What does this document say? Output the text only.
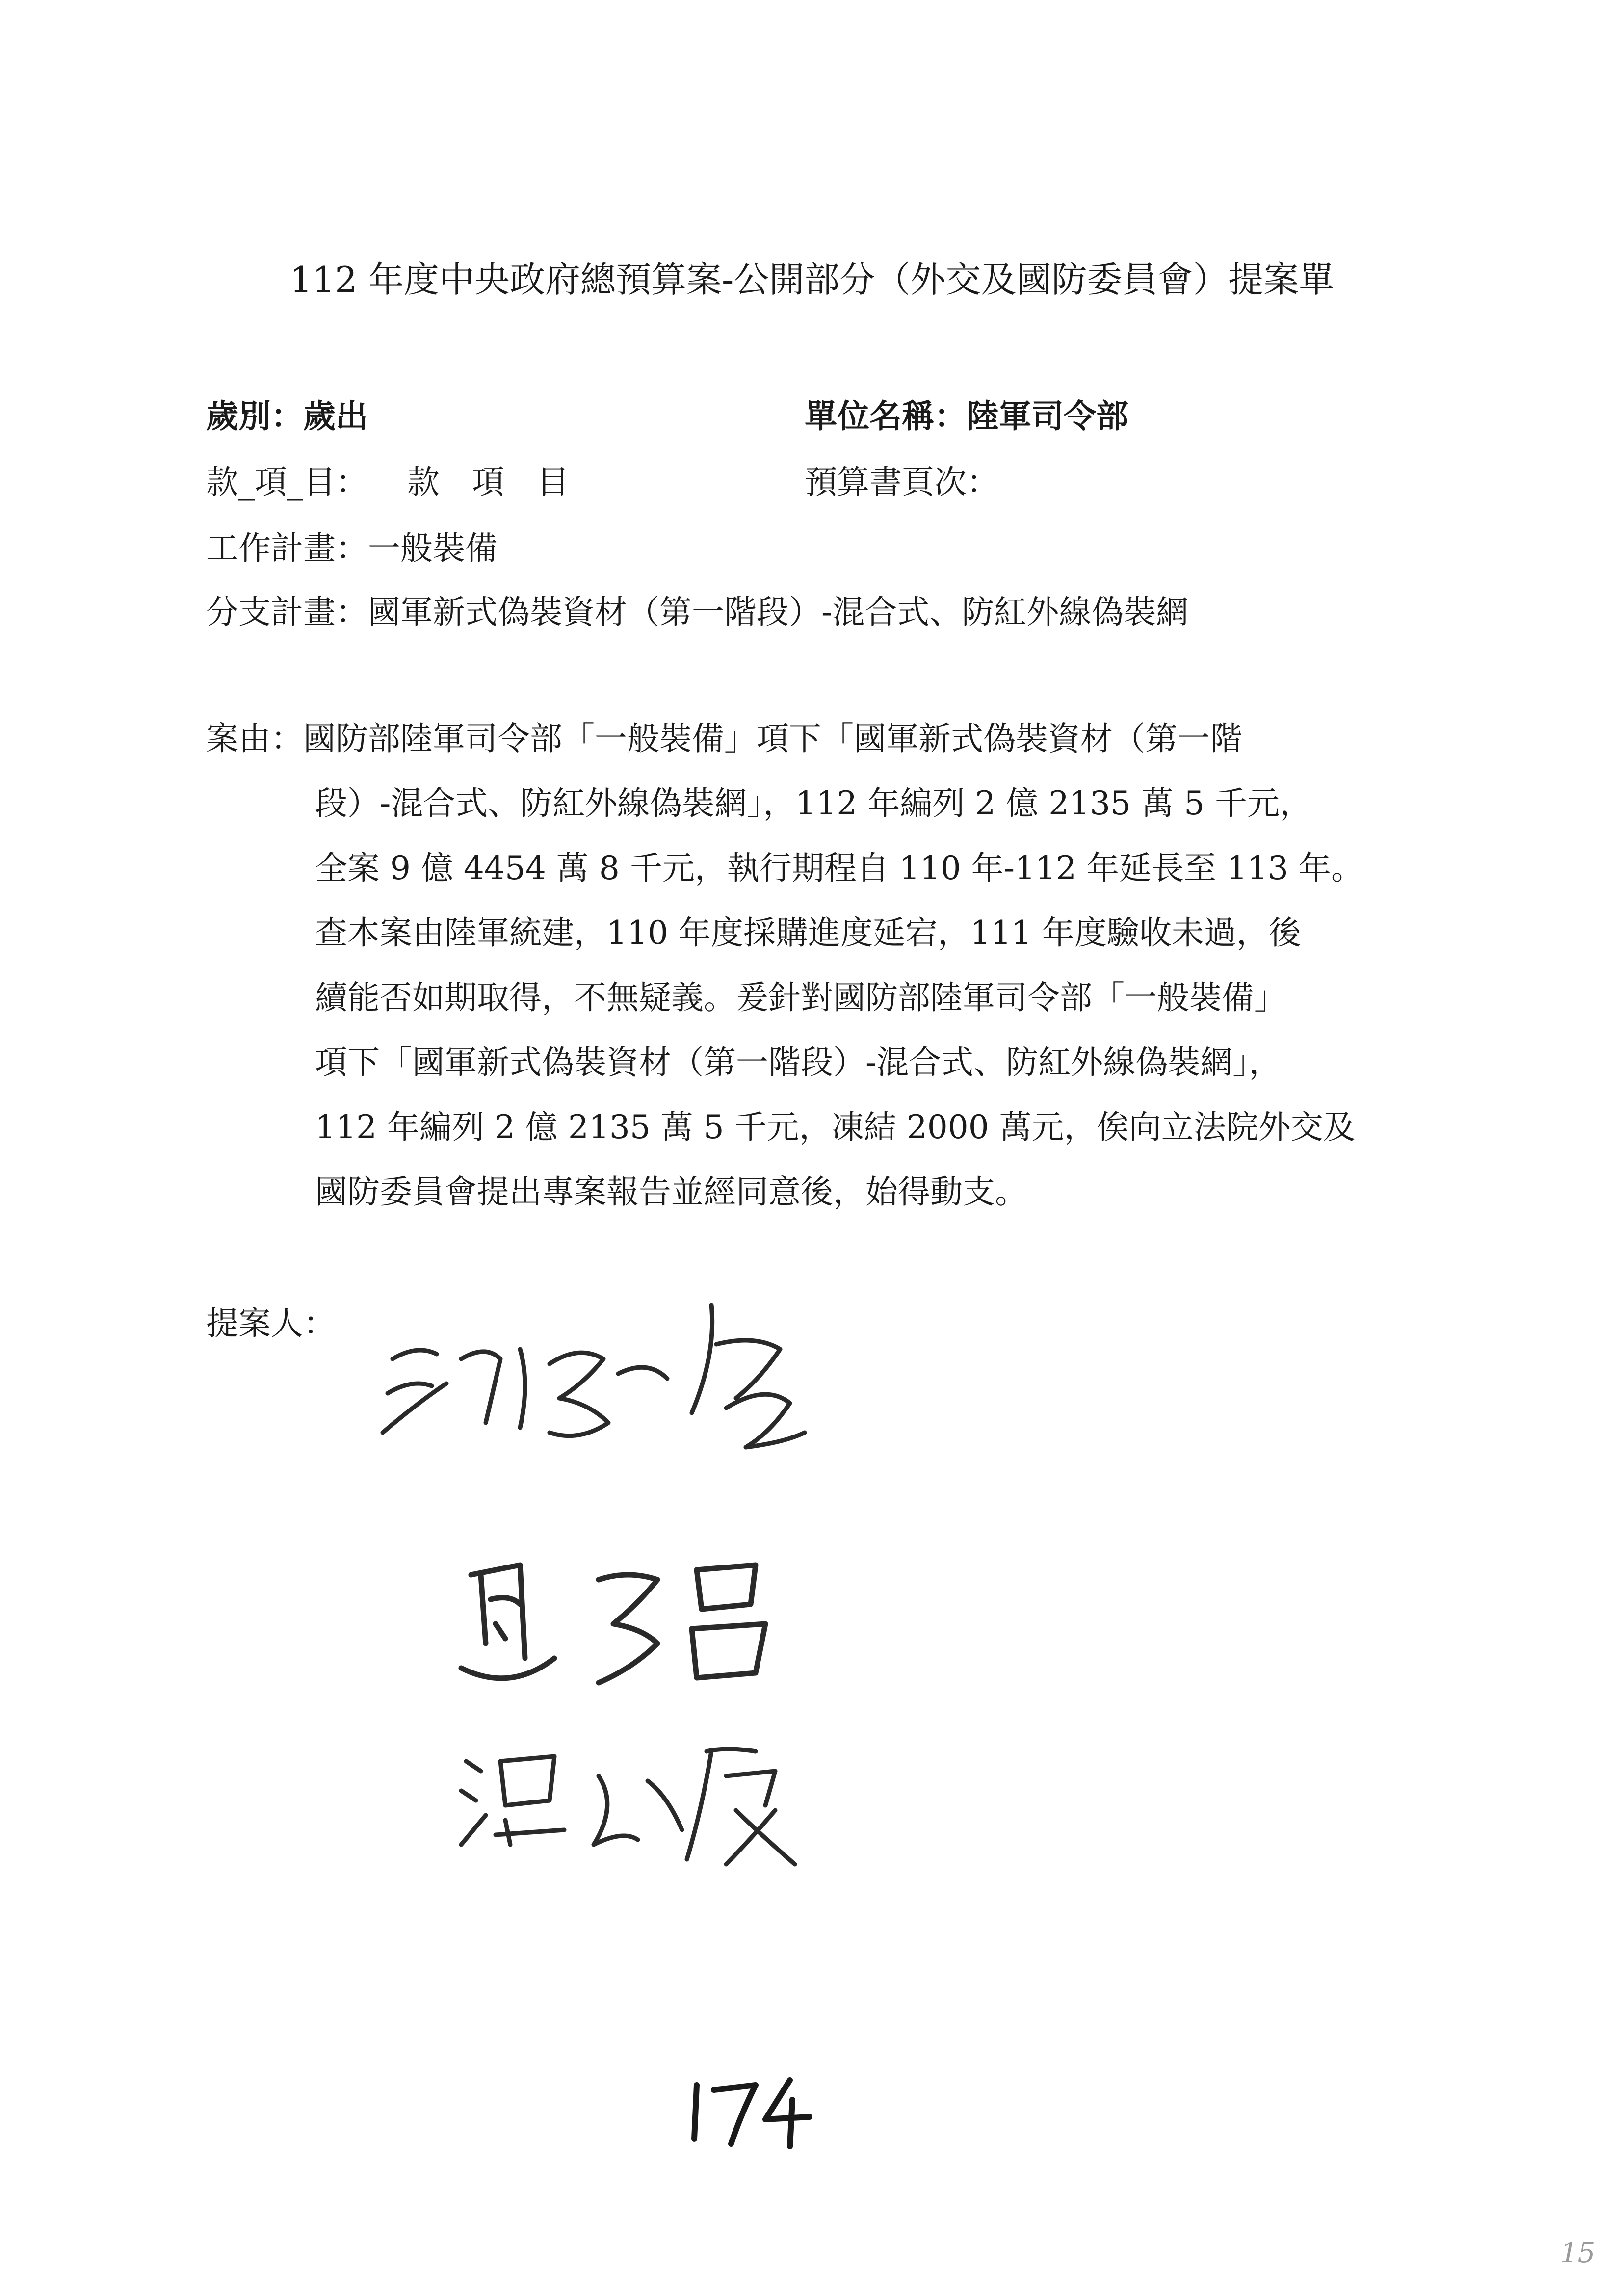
112 年度中央政府總預算案-公開部分（外交及國防委員會）提案單
歲別：歲出	單位名稱：陸軍司令部
款_項_目： 款　項　目	預算書頁次：
工作計畫：一般裝備
分支計畫：國軍新式偽裝資材（第一階段）-混合式、防紅外線偽裝網
案由：國防部陸軍司令部「一般裝備」項下「國軍新式偽裝資材（第一階
段）-混合式、防紅外線偽裝網」，112 年編列 2 億 2135 萬 5 千元，
全案 9 億 4454 萬 8 千元，執行期程自 110 年-112 年延長至 113 年。
查本案由陸軍統建，110 年度採購進度延宕，111 年度驗收未過，後
續能否如期取得，不無疑義。爰針對國防部陸軍司令部「一般裝備」
項下「國軍新式偽裝資材（第一階段）-混合式、防紅外線偽裝網」，
112 年編列 2 億 2135 萬 5 千元，凍結 2000 萬元，俟向立法院外交及
國防委員會提出專案報告並經同意後，始得動支。
提案人：
15
